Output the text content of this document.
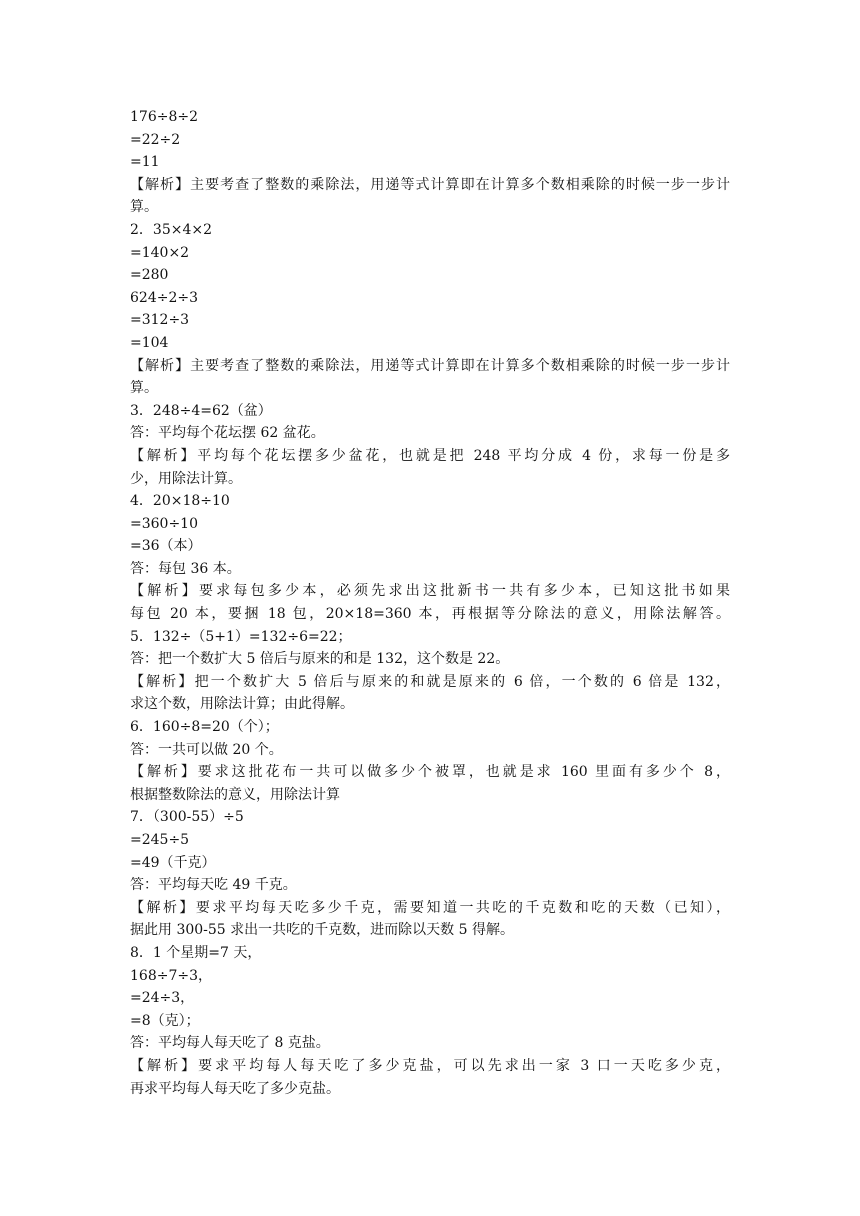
176÷8÷2
=22÷2
=11
【解析】主要考查了整数的乘除法，用递等式计算即在计算多个数相乘除的时候一步一步计
算。
2．35×4×2
=140×2
=280
624÷2÷3
=312÷3
=104
【解析】主要考查了整数的乘除法，用递等式计算即在计算多个数相乘除的时候一步一步计
算。
3．248÷4=62（盆）
答：平均每个花坛摆 62 盆花。
【解析】平均每个花坛摆多少盆花，也就是把 248 平均分成 4 份，求每一份是多
少，用除法计算。
4．20×18÷10
=360÷10
=36（本）
答：每包 36 本。
【解析】要求每包多少本，必须先求出这批新书一共有多少本，已知这批书如果
每包 20 本，要捆 18 包，20×18=360 本，再根据等分除法的意义，用除法解答。
5．132÷（5+1）=132÷6=22；
答：把一个数扩大 5 倍后与原来的和是 132，这个数是 22。
【解析】把一个数扩大 5 倍后与原来的和就是原来的 6 倍，一个数的 6 倍是 132，
求这个数，用除法计算；由此得解。
6．160÷8=20（个）；
答：一共可以做 20 个。
【解析】要求这批花布一共可以做多少个被罩，也就是求 160 里面有多少个 8，
根据整数除法的意义，用除法计算
7．（300-55）÷5
=245÷5
=49（千克）
答：平均每天吃 49 千克。
【解析】要求平均每天吃多少千克，需要知道一共吃的千克数和吃的天数（已知），
据此用 300-55 求出一共吃的千克数，进而除以天数 5 得解。
8．1 个星期=7 天，
168÷7÷3，
=24÷3，
=8（克）；
答：平均每人每天吃了 8 克盐。
【解析】要求平均每人每天吃了多少克盐，可以先求出一家 3 口一天吃多少克，
再求平均每人每天吃了多少克盐。
